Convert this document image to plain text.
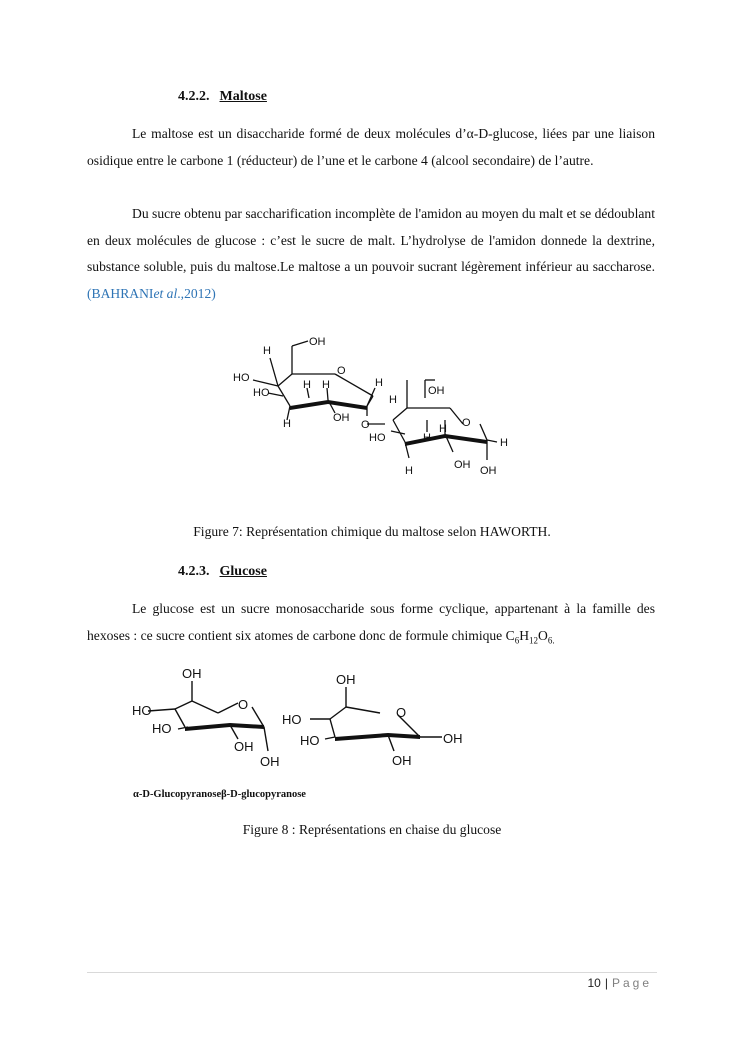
4.2.2. Maltose
Le maltose est un disaccharide formé de deux molécules d’α-D-glucose, liées par une liaison osidique entre le carbone 1 (réducteur) de l’une et le carbone 4 (alcool secondaire) de l’autre.
Du sucre obtenu par saccharification incomplète de l'amidon au moyen du malt et se dédoublant en deux molécules de glucose : c’est le sucre de malt. L’hydrolyse de l'amidon donnede la dextrine, substance soluble, puis du maltose.Le maltose a un pouvoir sucrant légèrement inférieur au saccharose.(BAHRANIet al.,2012)
H
OH
HO
O
H
HO
H H
H	OH
O
H
OH
O
HO	H
H
H	OH
H
OH
Figure 7: Représentation chimique du maltose selon HAWORTH.
4.2.3. Glucose
Le glucose est un sucre monosaccharide sous forme cyclique, appartenant à la famille des hexoses : ce sucre contient six atomes de carbone donc de formule chimique $C_6H_{12}O_{6.}$
OH
HO
HO
O
OH
OH
OH
HO
HO
O
OH
OH
α-D-Glucopyranoseβ-D-glucopyranose
Figure 8 : Représentations en chaise du glucose
10 | Page
